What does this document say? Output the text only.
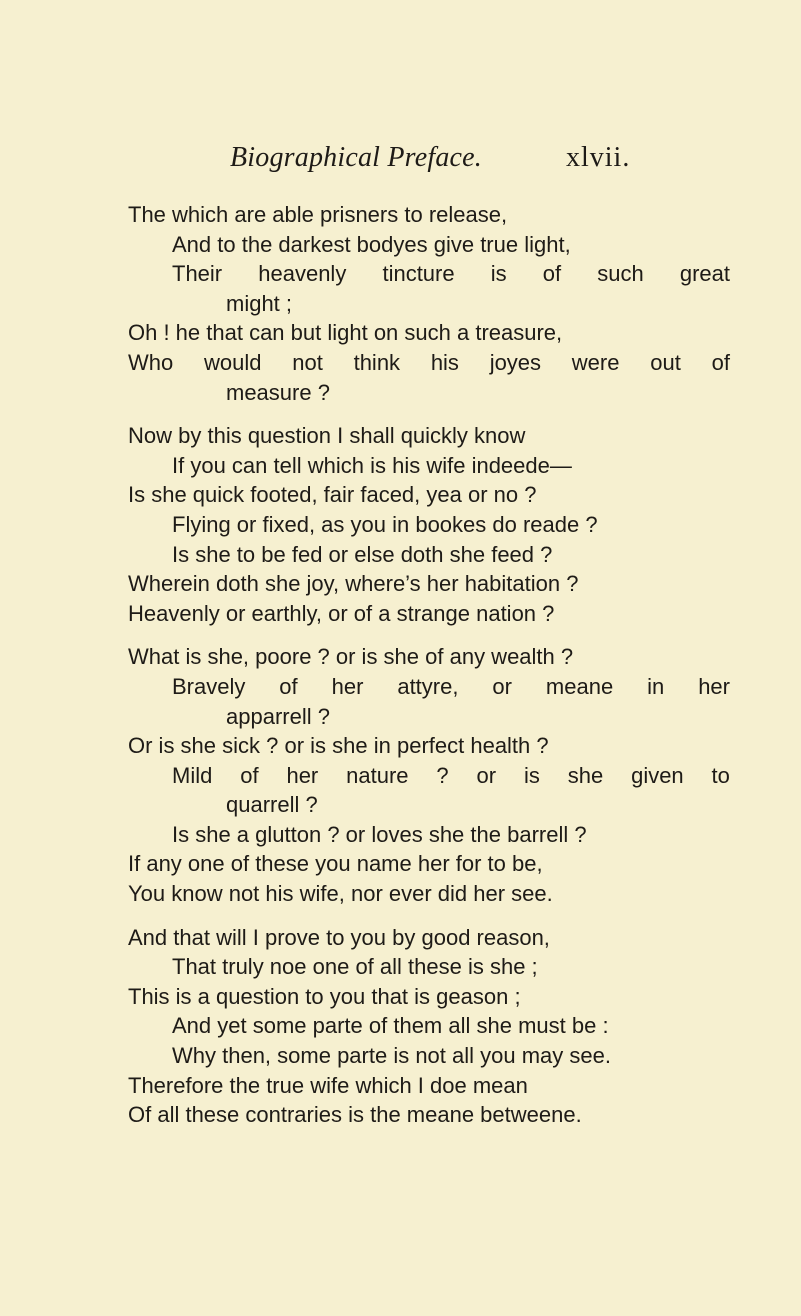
Biographical Preface.	xlvii.
The which are able prisners to release,
And to the darkest bodyes give true light,
Their heavenly tincture is of such great
might ;
Oh ! he that can but light on such a treasure,
Who would not think his joyes were out of
measure ?
Now by this question I shall quickly know
If you can tell which is his wife indeede—
Is she quick footed, fair faced, yea or no ?
Flying or fixed, as you in bookes do reade ?
Is she to be fed or else doth she feed ?
Wherein doth she joy, where’s her habitation ?
Heavenly or earthly, or of a strange nation ?
What is she, poore ? or is she of any wealth ?
Bravely of her attyre, or meane in her
apparrell ?
Or is she sick ? or is she in perfect health ?
Mild of her nature ? or is she given to
quarrell ?
Is she a glutton ? or loves she the barrell ?
If any one of these you name her for to be,
You know not his wife, nor ever did her see.
And that will I prove to you by good reason,
That truly noe one of all these is she ;
This is a question to you that is geason ;
And yet some parte of them all she must be :
Why then, some parte is not all you may see.
Therefore the true wife which I doe mean
Of all these contraries is the meane betweene.
